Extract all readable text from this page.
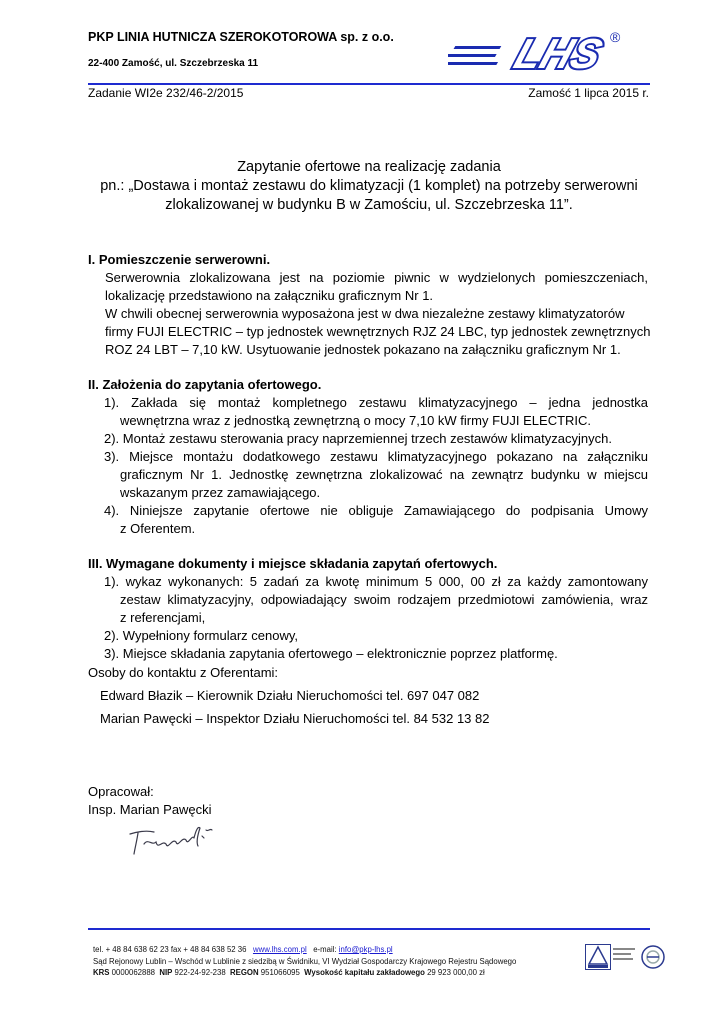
PKP LINIA HUTNICZA SZEROKOTOROWA sp. z o.o.
22-400 Zamość, ul. Szczebrzeska 11	LHS ®
Zadanie WI2e 232/46-2/2015	Zamość 1 lipca 2015 r.
Zapytanie ofertowe na realizację zadania
pn.: „Dostawa i montaż zestawu do klimatyzacji (1 komplet) na potrzeby serwerowni
zlokalizowanej w budynku B w Zamościu, ul. Szczebrzeska 11”.
I. Pomieszczenie serwerowni.
Serwerownia zlokalizowana jest na poziomie piwnic w wydzielonych pomieszczeniach,
lokalizację przedstawiono na załączniku graficznym Nr 1.
W chwili obecnej serwerownia wyposażona jest w dwa niezależne zestawy klimatyzatorów
firmy FUJI ELECTRIC – typ jednostek wewnętrznych RJZ 24 LBC, typ jednostek zewnętrznych
ROZ 24 LBT – 7,10 kW. Usytuowanie jednostek pokazano na załączniku graficznym Nr 1.
II. Założenia do zapytania ofertowego.
1). Zakłada się montaż kompletnego zestawu klimatyzacyjnego – jedna jednostka
wewnętrzna wraz z jednostką zewnętrzną o mocy 7,10 kW firmy FUJI ELECTRIC.
2). Montaż zestawu sterowania pracy naprzemiennej trzech zestawów klimatyzacyjnych.
3). Miejsce montażu dodatkowego zestawu klimatyzacyjnego pokazano na załączniku
graficznym Nr 1. Jednostkę zewnętrzna zlokalizować na zewnątrz budynku w miejscu
wskazanym przez zamawiającego.
4). Niniejsze zapytanie ofertowe nie obliguje Zamawiającego do podpisania Umowy
z Oferentem.
III. Wymagane dokumenty i miejsce składania zapytań ofertowych.
1). wykaz wykonanych: 5 zadań za kwotę minimum 5 000, 00 zł za każdy zamontowany
zestaw klimatyzacyjny, odpowiadający swoim rodzajem przedmiotowi zamówienia, wraz
z referencjami,
2). Wypełniony formularz cenowy,
3). Miejsce składania zapytania ofertowego – elektronicznie poprzez platformę.
Osoby do kontaktu z Oferentami:
Edward Błazik – Kierownik Działu Nieruchomości tel. 697 047 082
Marian Pawęcki – Inspektor Działu Nieruchomości tel. 84 532 13 82
Opracował:
Insp. Marian Pawęcki
tel. + 48 84 638 62 23 fax + 48 84 638 52 36 www.lhs.com.pl e-mail: info@pkp-lhs.pl
Sąd Rejonowy Lublin – Wschód w Lublinie z siedzibą w Świdniku, VI Wydział Gospodarczy Krajowego Rejestru Sądowego
KRS 0000062888 NIP 922-24-92-238 REGON 951066095 Wysokość kapitału zakładowego 29 923 000,00 zł
